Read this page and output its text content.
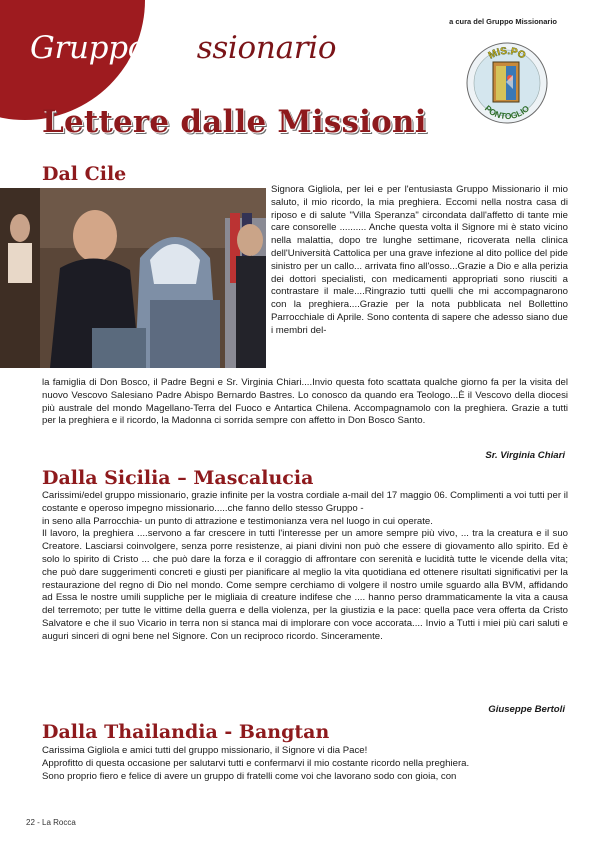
a cura del Gruppo Missionario
Gruppo Missionario	MIS.PO
PONTOGLIO
Lettere dalle Missioni
Dal Cile
Signora Gigliola, per lei e per l'entusiasta Gruppo Missionario il mio saluto, il mio ricordo, la mia preghiera. Eccomi nella nostra casa di riposo e di salute "Villa Speranza" circondata dall'affetto di tante mie care consorelle .......... Anche questa volta il Signore mi è stato vicino nella malattia, dopo tre lunghe settimane, ricoverata nella clinica dell'Università Cattolica per una grave infezione al dito pollice del pide sinistro per un callo... arrivata fino all'osso...Grazie a Dio e alla perizia dei dottori specialisti, con medicamenti appropriati sono riusciti a contrastare il male....Ringrazio tutti quelli che mi accompagnarono con la preghiera....Grazie per la nota pubblicata nel Bollettino Parrocchiale di Aprile. Sono contenta di sapere che adesso siano due i membri del-
la famiglia di Don Bosco, il Padre Begni e Sr. Virginia Chiari....Invio questa foto scattata qualche giorno fa per la visita del nuovo Vescovo Salesiano Padre Abispo Bernardo Bastres. Lo conosco da quando era Teologo...È il Vescovo della diocesi più australe del mondo Magellano-Terra del Fuoco e Antartica Chilena. Accompagnamolo con la preghiera. Grazie a tutti per la preghiera e il ricordo, la Madonna ci sorrida sempre con affetto in Don Bosco Santo.
Sr. Virginia Chiari
Dalla Sicilia – Mascalucia

Carissimi/edel gruppo missionario, grazie infinite per la vostra cordiale a-mail del 17 maggio 06. Complimenti a voi tutti per il costante e operoso impegno missionario.....che fanno dello stesso Gruppo -

in seno alla Parrocchia- un punto di attrazione e testimonianza vera nel luogo in cui operate.

Il lavoro, la preghiera ....servono a far crescere in tutti l'interesse per un amore sempre più vivo, ... tra la creatura e il suo Creatore. Lasciarsi coinvolgere, senza porre resistenze, ai piani divini non può che essere di giovamento allo spirito. Ed è solo lo spirito di Cristo ... che può dare la forza e il coraggio di affrontare con serenità e lucidità tutte le vicende della vita; che può dare suggerimenti concreti e giusti per pianificare al meglio la vita quotidiana ed ottenere risultati significativi per la restaurazione del regno di Dio nel mondo. Come sempre cerchiamo di volgere il nostro umile sguardo alla BVM, affidando ad Essa le nostre umili suppliche per le migliaia di creature indifese che .... hanno perso drammaticamente la vita a causa del terremoto; per tutte le vittime della guerra e della violenza, per la giustizia e la pace: quella pace vera offerta da Cristo Salvatore e che il suo Vicario in terra non si stanca mai di implorare con voce accorata.... Invio a Tutti i miei più cari saluti e auguri sinceri di ogni bene nel Signore. Con un reciproco ricordo. Sinceramente.

Giuseppe Bertoli
Dalla Thailandia - Bangtan

Carissima Gigliola e amici tutti del gruppo missionario, il Signore vi dia Pace!

Approfitto di questa occasione per salutarvi tutti e confermarvi il mio costante ricordo nella preghiera.

Sono proprio fiero e felice di avere un gruppo di fratelli come voi che lavorano sodo con gioia, con

22 - La Rocca
